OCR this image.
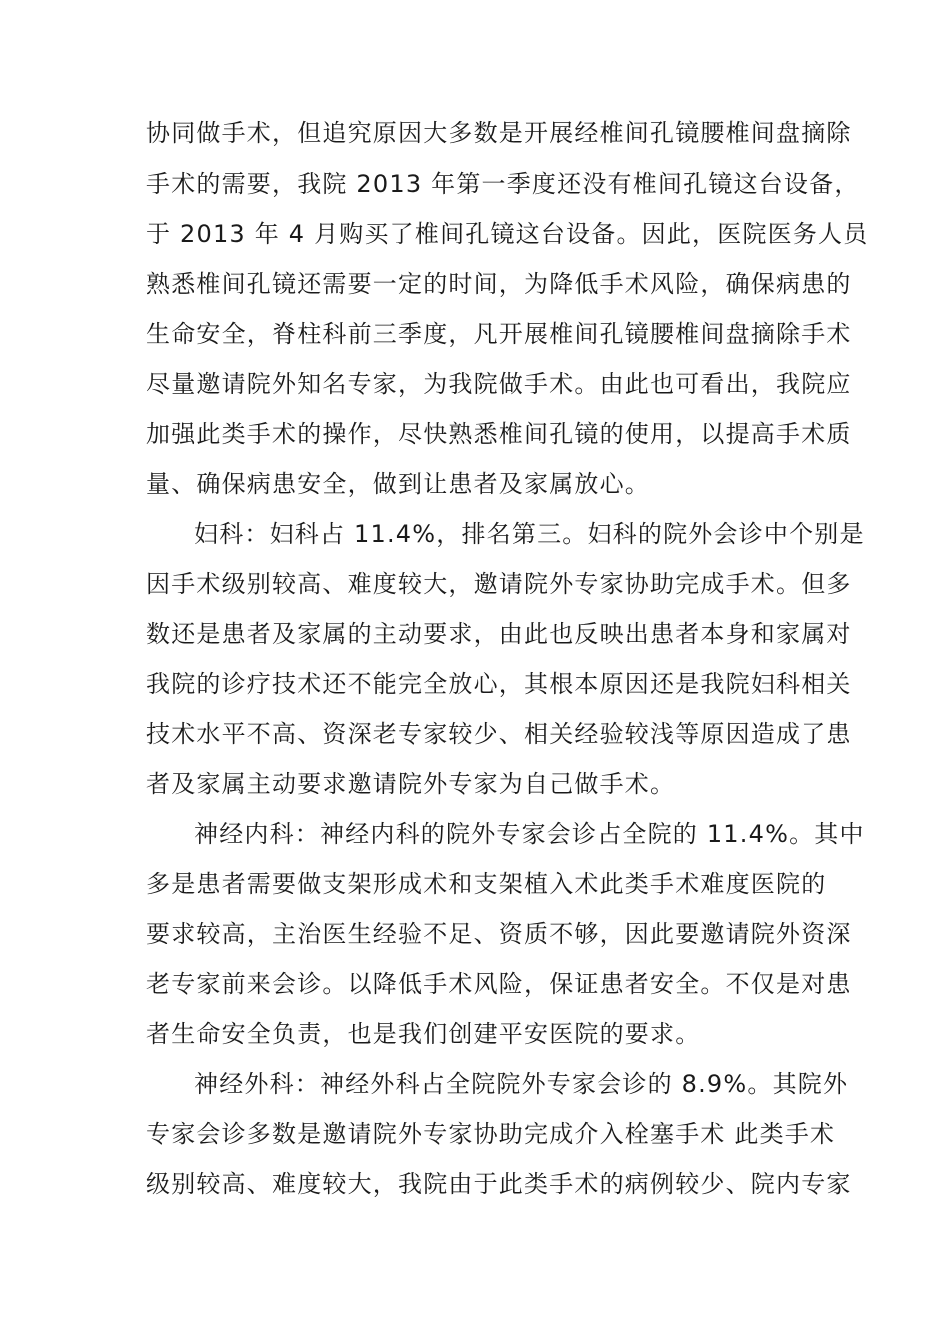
协同做手术，但追究原因大多数是开展经椎间孔镜腰椎间盘摘除
手术的需要，我院 2013 年第一季度还没有椎间孔镜这台设备，
于 2013 年 4 月购买了椎间孔镜这台设备。因此，医院医务人员
熟悉椎间孔镜还需要一定的时间，为降低手术风险，确保病患的
生命安全，脊柱科前三季度，凡开展椎间孔镜腰椎间盘摘除手术
尽量邀请院外知名专家，为我院做手术。由此也可看出，我院应
加强此类手术的操作，尽快熟悉椎间孔镜的使用，以提高手术质
量、确保病患安全，做到让患者及家属放心。
妇科：妇科占 11.4%，排名第三。妇科的院外会诊中个别是
因手术级别较高、难度较大，邀请院外专家协助完成手术。但多
数还是患者及家属的主动要求，由此也反映出患者本身和家属对
我院的诊疗技术还不能完全放心，其根本原因还是我院妇科相关
技术水平不高、资深老专家较少、相关经验较浅等原因造成了患
者及家属主动要求邀请院外专家为自己做手术。
神经内科：神经内科的院外专家会诊占全院的 11.4%。其中
多是患者需要做支架形成术和支架植入术此类手术难度医院的
要求较高，主治医生经验不足、资质不够，因此要邀请院外资深
老专家前来会诊。以降低手术风险，保证患者安全。不仅是对患
者生命安全负责，也是我们创建平安医院的要求。
神经外科：神经外科占全院院外专家会诊的 8.9%。其院外
专家会诊多数是邀请院外专家协助完成介入栓塞手术 此类手术
级别较高、难度较大，我院由于此类手术的病例较少、院内专家
